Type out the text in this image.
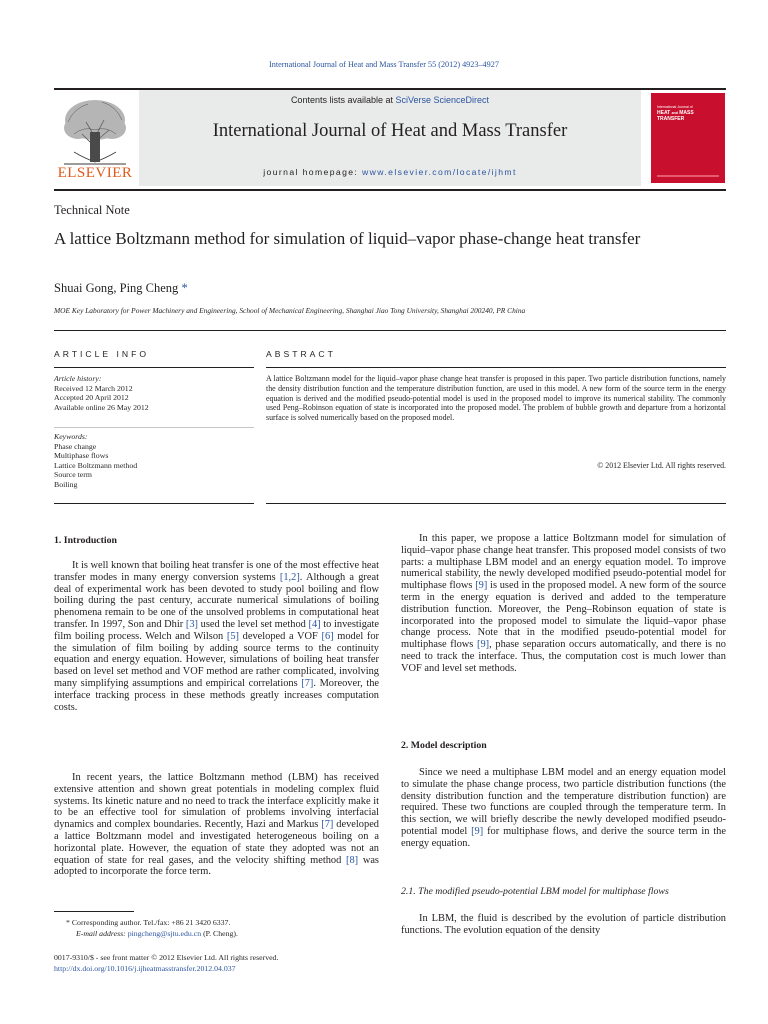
International Journal of Heat and Mass Transfer 55 (2012) 4923–4927
ELSEVIER
Contents lists available at SciVerse ScienceDirect
International Journal of Heat and Mass Transfer
journal homepage: www.elsevier.com/locate/ijhmt
International Journal of
HEAT and MASS
TRANSFER
Technical Note
A lattice Boltzmann method for simulation of liquid–vapor phase-change heat transfer
Shuai Gong, Ping Cheng *
MOE Key Laboratory for Power Machinery and Engineering, School of Mechanical Engineering, Shanghai Jiao Tong University, Shanghai 200240, PR China
ARTICLE INFO	ABSTRACT
Article history:
Received 12 March 2012
Accepted 20 April 2012
Available online 26 May 2012
Keywords:
Phase change
Multiphase flows
Lattice Boltzmann method
Source term
Boiling
A lattice Boltzmann model for the liquid–vapor phase change heat transfer is proposed in this paper. Two particle distribution functions, namely the density distribution function and the temperature distribution function, are used in this model. A new form of the source term in the energy equation is derived and the modified pseudo-potential model is used in the proposed model to improve its numerical stability. The commonly used Peng–Robinson equation of state is incorporated into the proposed model. The problem of bubble growth and departure from a horizontal surface is solved numerically based on the proposed model.
© 2012 Elsevier Ltd. All rights reserved.
1. Introduction

It is well known that boiling heat transfer is one of the most effective heat transfer modes in many energy conversion systems [1,2]. Although a great deal of experimental work has been devoted to study pool boiling and flow boiling during the past century, accurate numerical simulations of boiling phenomena remain to be one of the unsolved problems in computational heat transfer. In 1997, Son and Dhir [3] used the level set method [4] to investigate film boiling process. Welch and Wilson [5] developed a VOF [6] model for the simulation of film boiling by adding source terms to the continuity equation and energy equation. However, simulations of boiling heat transfer based on level set method and VOF method are rather complicated, involving many simplifying assumptions and empirical correlations [7]. Moreover, the interface tracking process in these methods greatly increases computation costs.

In recent years, the lattice Boltzmann method (LBM) has received extensive attention and shown great potentials in modeling complex fluid systems. Its kinetic nature and no need to track the interface explicitly make it to be an effective tool for simulation of problems involving interfacial dynamics and complex boundaries. Recently, Hazi and Markus [7] developed a lattice Boltzmann model and investigated heterogeneous boiling on a horizontal plate. However, the equation of state they adopted was not an equation of state for real gases, and the velocity shifting method [8] was adopted to incorporate the force term.

In this paper, we propose a lattice Boltzmann model for simulation of liquid–vapor phase change heat transfer. This proposed model consists of two parts: a multiphase LBM model and an energy equation model. To improve numerical stability, the newly developed modified pseudo-potential model for multiphase flows [9] is used in the proposed model. A new form of the source term in the energy equation is derived and added to the temperature distribution function. Moreover, the Peng–Robinson equation of state is incorporated into the proposed model to simulate the liquid–vapor phase change process. Note that in the modified pseudo-potential model for multiphase flows [9], phase separation occurs automatically, and there is no need to track the interface. Thus, the computation cost is much lower than VOF and level set methods.

2. Model description

Since we need a multiphase LBM model and an energy equation model to simulate the phase change process, two particle distribution functions (the density distribution function and the temperature distribution function) are required. These two functions are coupled through the temperature term. In this section, we will briefly describe the newly developed modified pseudo-potential model [9] for multiphase flows, and derive the source term in the energy equation.

2.1. The modified pseudo-potential LBM model for multiphase flows

In LBM, the fluid is described by the evolution of particle distribution functions. The evolution equation of the density

* Corresponding author. Tel./fax: +86 21 3420 6337.
E-mail address: pingcheng@sjtu.edu.cn (P. Cheng).
0017-9310/$ - see front matter © 2012 Elsevier Ltd. All rights reserved.
http://dx.doi.org/10.1016/j.ijheatmasstransfer.2012.04.037
